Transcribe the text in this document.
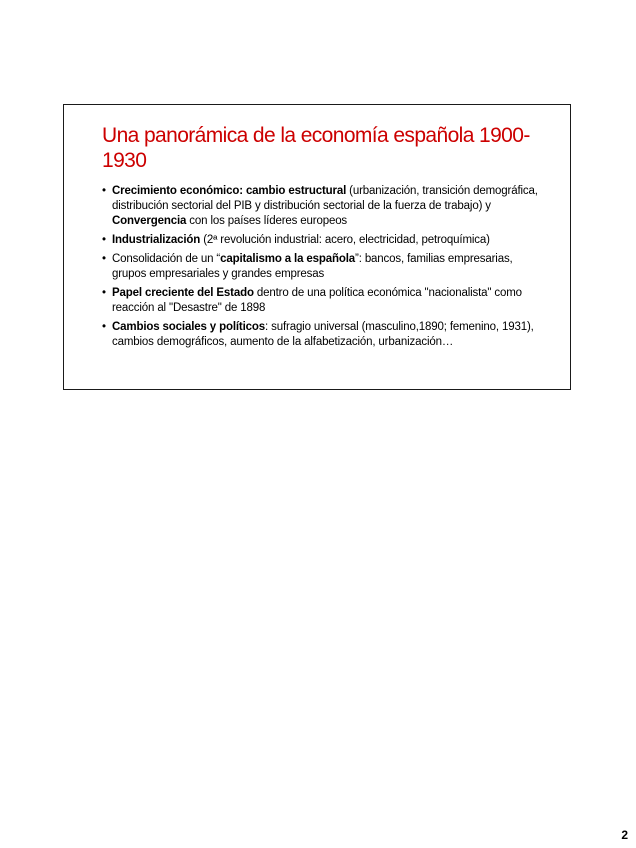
Una panorámica de la economía española 1900-1930
• Crecimiento económico: cambio estructural (urbanización, transición demográfica, distribución sectorial del PIB y distribución sectorial de la fuerza de trabajo) y Convergencia con los países líderes europeos
• Industrialización (2ª revolución industrial: acero, electricidad, petroquímica)
• Consolidación de un “capitalismo a la española”: bancos, familias empresarias, grupos empresariales y grandes empresas
• Papel creciente del Estado dentro de una política económica "nacionalista" como reacción al "Desastre" de 1898
• Cambios sociales y políticos: sufragio universal (masculino,1890; femenino, 1931), cambios demográficos, aumento de la alfabetización, urbanización…
2
